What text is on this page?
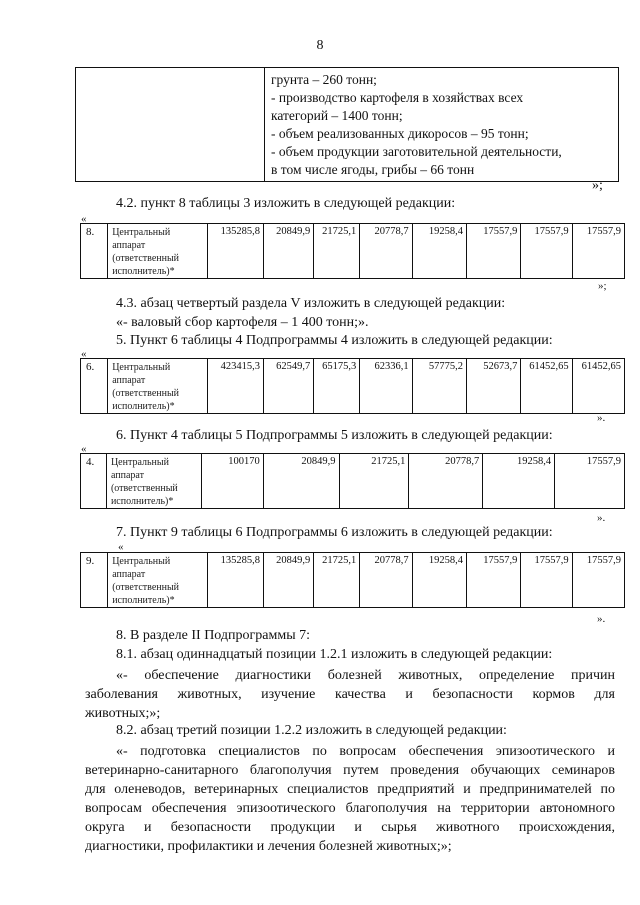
8

грунта – 260 тонн;
- производство картофеля в хозяйствах всех
категорий – 1400 тонн;
- объем реализованных дикоросов – 95 тонн;
- объем продукции заготовительной деятельности,
в том числе ягоды, грибы – 66 тонн
»;
4.2. пункт 8 таблицы 3 изложить в следующей редакции:
«
8.	Центральный
аппарат
(ответственный
исполнитель)*
	135285,8	20849,9	21725,1	20778,7	19258,4	17557,9	17557,9	17557,9
»;
4.3. абзац четвертый раздела V изложить в следующей редакции:
«- валовый сбор картофеля – 1 400 тонн;».
5. Пункт 6 таблицы 4 Подпрограммы 4 изложить в следующей редакции:
«
6.	Центральный
аппарат
(ответственный
исполнитель)*
	423415,3	62549,7	65175,3	62336,1	57775,2	52673,7	61452,65	61452,65
».
6. Пункт 4 таблицы 5 Подпрограммы 5 изложить в следующей редакции:
«
4.	Центральный
аппарат
(ответственный
исполнитель)*
	100170	20849,9	21725,1	20778,7	19258,4	17557,9
».
7. Пункт 9 таблицы 6 Подпрограммы 6 изложить в следующей редакции:
«
9.	Центральный
аппарат
(ответственный
исполнитель)*
	135285,8	20849,9	21725,1	20778,7	19258,4	17557,9	17557,9	17557,9
».
8. В разделе II Подпрограммы 7:
8.1. абзац одиннадцатый позиции 1.2.1 изложить в следующей редакции:
«- обеспечение диагностики болезней животных, определение причин
заболевания животных, изучение качества и безопасности кормов для
животных;»;
8.2. абзац третий позиции 1.2.2 изложить в следующей редакции:
«- подготовка специалистов по вопросам обеспечения эпизоотического и
ветеринарно-санитарного благополучия путем проведения обучающих семинаров
для оленеводов, ветеринарных специалистов предприятий и предпринимателей по
вопросам обеспечения эпизоотического благополучия на территории автономного
округа и безопасности продукции и сырья животного происхождения,
диагностики, профилактики и лечения болезней животных;»;
